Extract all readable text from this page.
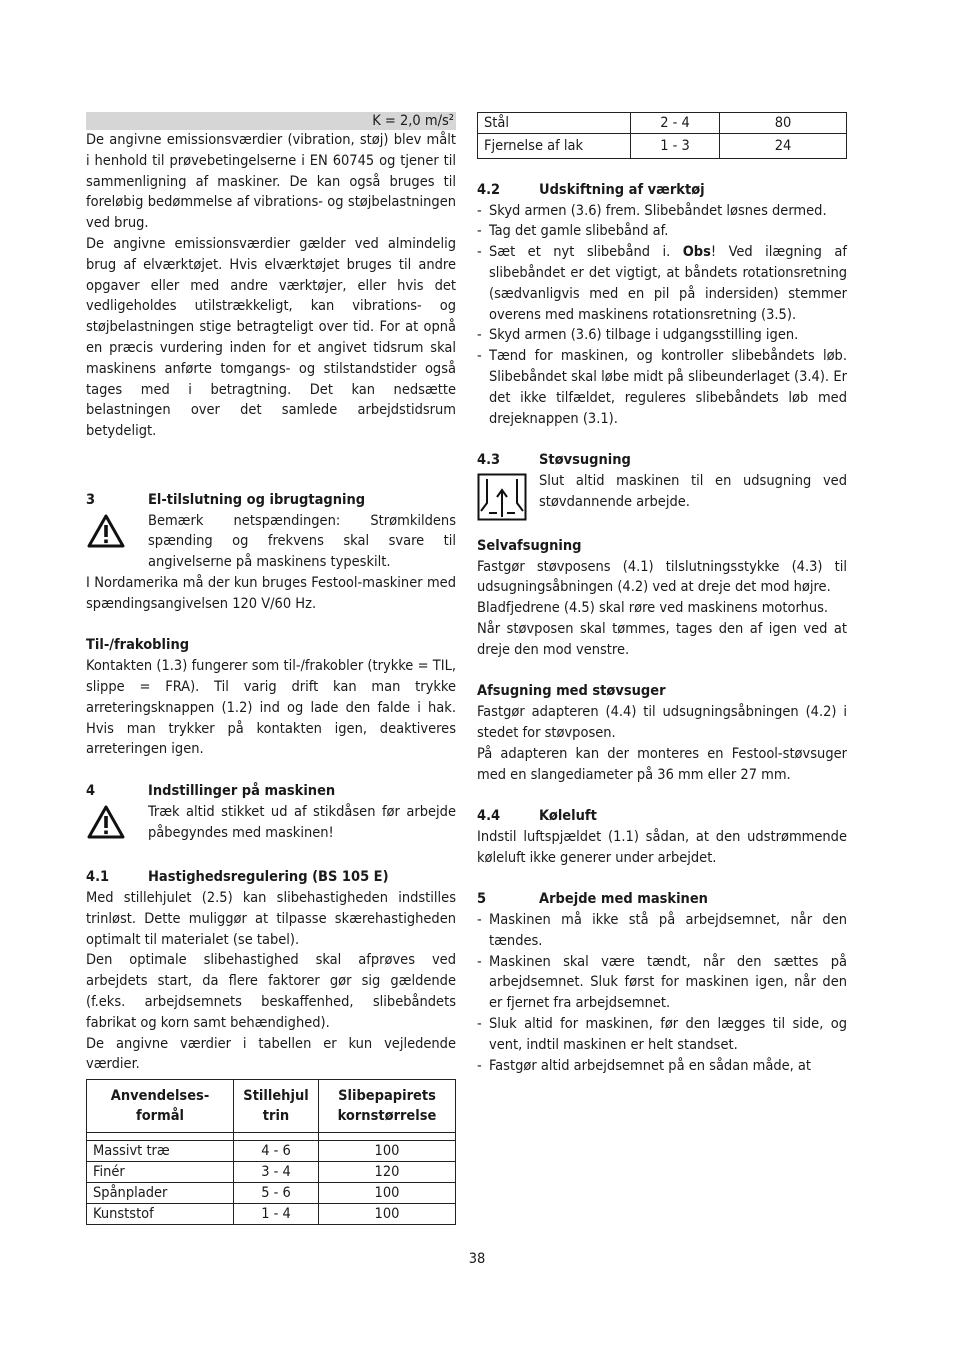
K = 2,0 m/s²

De angivne emissionsværdier (vibration, støj) blev målt i henhold til prøvebetingelserne i EN 60745 og tjener til sammenligning af maskiner. De kan også bruges til foreløbig bedømmelse af vibrations- og støjbelastningen ved brug.

De angivne emissionsværdier gælder ved almindelig brug af elværktøjet. Hvis elværktøjet bruges til andre opgaver eller med andre værktøjer, eller hvis det vedligeholdes utilstrækkeligt, kan vibrations- og støjbelastningen stige betragteligt over tid. For at opnå en præcis vurdering inden for et angivet tidsrum skal maskinens anførte tomgangs- og stilstandstider også tages med i betragtning. Det kan nedsætte belastningen over det samlede arbejdstidsrum betydeligt.

3	El-tilslutning og ibrugtagning

Bemærk netspændingen: Strømkildens spænding og frekvens skal svare til angivelserne på maskinens typeskilt.

I Nordamerika må der kun bruges Festool-maskiner med spændingsangivelsen 120 V/60 Hz.

Til-/frakobling

Kontakten (1.3) fungerer som til-/frakobler (trykke = TIL, slippe = FRA). Til varig drift kan man trykke arreteringsknappen (1.2) ind og lade den falde i hak. Hvis man trykker på kontakten igen, deaktiveres arreteringen igen.

4	Indstillinger på maskinen

Træk altid stikket ud af stikdåsen før arbejde påbegyndes med maskinen!

4.1	Hastighedsregulering (BS 105 E)

Med stillehjulet (2.5) kan slibehastigheden indstilles trinløst. Dette muliggør at tilpasse skærehastigheden optimalt til materialet (se tabel).

Den optimale slibehastighed skal afprøves ved arbejdets start, da flere faktorer gør sig gældende (f.eks. arbejdsemnets beskaffenhed, slibebåndets fabrikat og korn samt behændighed).

De angivne værdier i tabellen er kun vejledende værdier.

Anvendelses-formål	Stillehjul trin	Slibepapirets kornstørrelse

Massivt træ	4 - 6	100
Finér	3 - 4	120
Spånplader	5 - 6	100
Kunststof	1 - 4	100
Stål	2 - 4	80
Fjernelse af lak	1 - 3	24
4.2	Udskiftning af værktøj
- Skyd armen (3.6) frem. Slibebåndet løsnes dermed.
- Tag det gamle slibebånd af.
- Sæt et nyt slibebånd i. Obs! Ved ilægning af slibebåndet er det vigtigt, at båndets rotationsretning (sædvanligvis med en pil på indersiden) stemmer overens med maskinens rotationsretning (3.5).
- Skyd armen (3.6) tilbage i udgangsstilling igen.
- Tænd for maskinen, og kontroller slibebåndets løb. Slibebåndet skal løbe midt på slibeunderlaget (3.4). Er det ikke tilfældet, reguleres slibebåndets løb med drejeknappen (3.1).
4.3	Støvsugning

Slut altid maskinen til en udsugning ved støvdannende arbejde.

Selvafsugning

Fastgør støvposens (4.1) tilslutningsstykke (4.3) til udsugningsåbningen (4.2) ved at dreje det mod højre.

Bladfjedrene (4.5) skal røre ved maskinens motorhus.

Når støvposen skal tømmes, tages den af igen ved at dreje den mod venstre.

Afsugning med støvsuger

Fastgør adapteren (4.4) til udsugningsåbningen (4.2) i stedet for støvposen.

På adapteren kan der monteres en Festool-støvsuger med en slangediameter på 36 mm eller 27 mm.

4.4	Køleluft

Indstil luftspjældet (1.1) sådan, at den udstrømmende køleluft ikke generer under arbejdet.

5	Arbejde med maskinen
- Maskinen må ikke stå på arbejdsemnet, når den tændes.
- Maskinen skal være tændt, når den sættes på arbejdsemnet. Sluk først for maskinen igen, når den er fjernet fra arbejdsemnet.
- Sluk altid for maskinen, før den lægges til side, og vent, indtil maskinen er helt standset.
- Fastgør altid arbejdsemnet på en sådan måde, at
38
